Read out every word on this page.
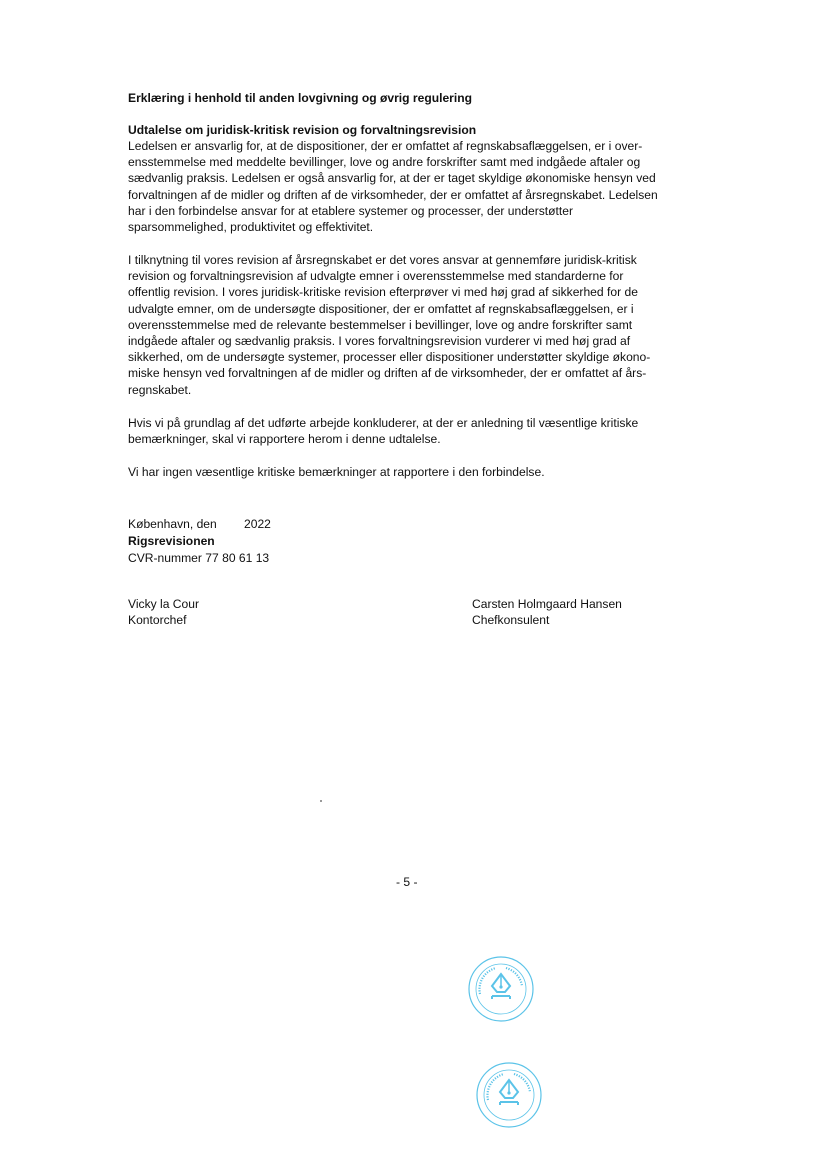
Erklæring i henhold til anden lovgivning og øvrig regulering
Udtalelse om juridisk-kritisk revision og forvaltningsrevision
Ledelsen er ansvarlig for, at de dispositioner, der er omfattet af regnskabsaflæggelsen, er i over-
ensstemmelse med meddelte bevillinger, love og andre forskrifter samt med indgåede aftaler og
sædvanlig praksis. Ledelsen er også ansvarlig for, at der er taget skyldige økonomiske hensyn ved
forvaltningen af de midler og driften af de virksomheder, der er omfattet af årsregnskabet. Ledelsen
har i den forbindelse ansvar for at etablere systemer og processer, der understøtter
sparsommelighed, produktivitet og effektivitet.
I tilknytning til vores revision af årsregnskabet er det vores ansvar at gennemføre juridisk-kritisk
revision og forvaltningsrevision af udvalgte emner i overensstemmelse med standarderne for
offentlig revision. I vores juridisk-kritiske revision efterprøver vi med høj grad af sikkerhed for de
udvalgte emner, om de undersøgte dispositioner, der er omfattet af regnskabsaflæggelsen, er i
overensstemmelse med de relevante bestemmelser i bevillinger, love og andre forskrifter samt
indgåede aftaler og sædvanlig praksis. I vores forvaltningsrevision vurderer vi med høj grad af
sikkerhed, om de undersøgte systemer, processer eller dispositioner understøtter skyldige økono-
miske hensyn ved forvaltningen af de midler og driften af de virksomheder, der er omfattet af års-
regnskabet.
Hvis vi på grundlag af det udførte arbejde konkluderer, at der er anledning til væsentlige kritiske
bemærkninger, skal vi rapportere herom i denne udtalelse.
Vi har ingen væsentlige kritiske bemærkninger at rapportere i den forbindelse.
København, den 2022
Rigsrevisionen
CVR-nummer 77 80 61 13
Vicky la Cour
Kontorchef
Carsten Holmgaard Hansen
Chefkonsulent
- 5 -
